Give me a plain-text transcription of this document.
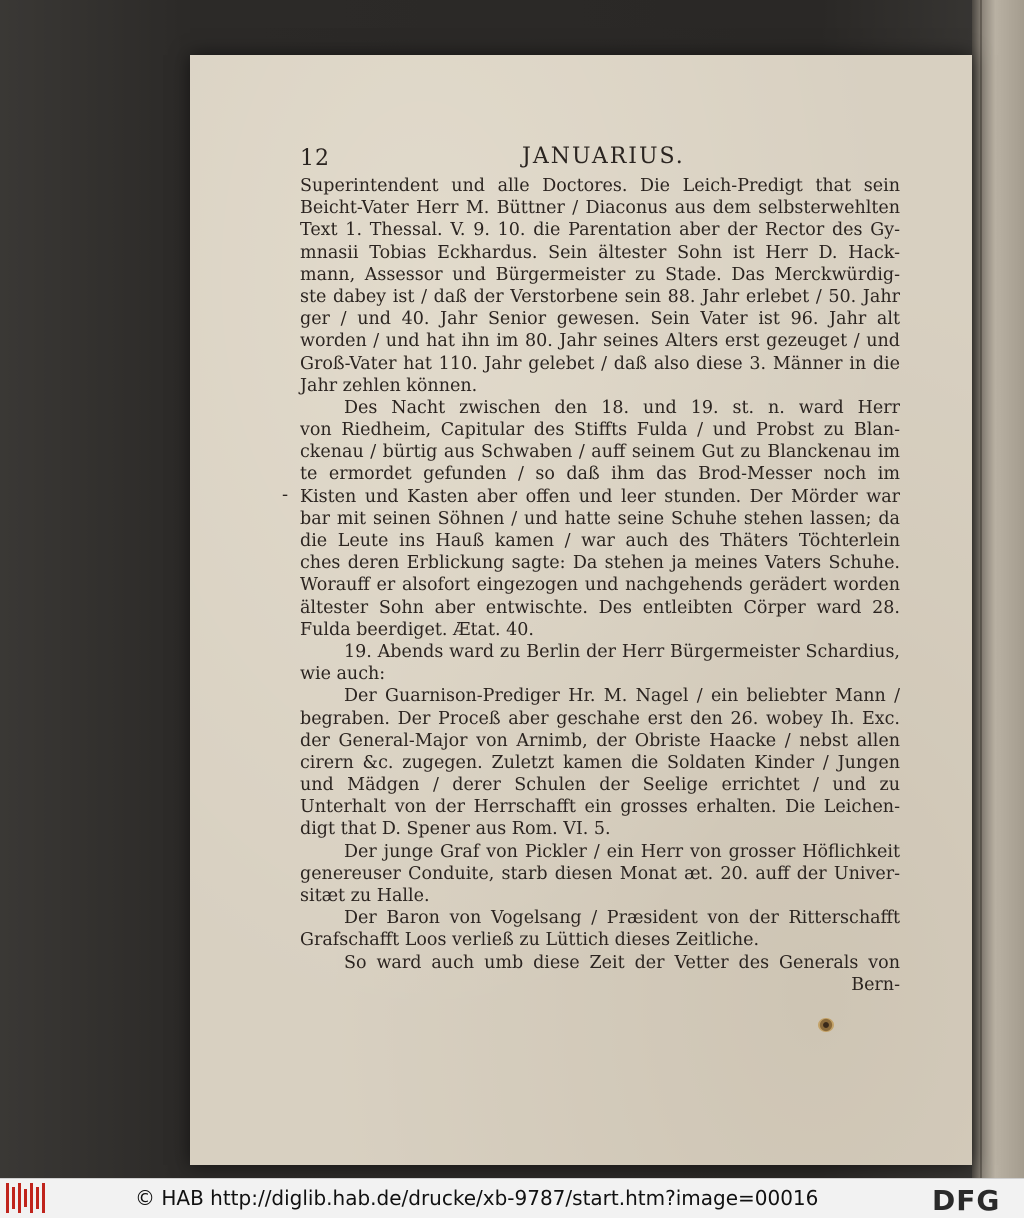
12	JANUARIUS.
-
Superintendent und alle Doctores. Die Leich-Predigt that sein
Beicht-Vater Herr M. Büttner / Diaconus aus dem selbsterwehlten
Text 1. Thessal. V. 9. 10. die Parentation aber der Rector des Gy-
mnasii Tobias Eckhardus. Sein ältester Sohn ist Herr D. Hack-
mann, Assessor und Bürgermeister zu Stade. Das Merckwürdig-
ste dabey ist / daß der Verstorbene sein 88. Jahr erlebet / 50. Jahr
ger / und 40. Jahr Senior gewesen. Sein Vater ist 96. Jahr alt
worden / und hat ihn im 80. Jahr seines Alters erst gezeuget / und
Groß-Vater hat 110. Jahr gelebet / daß also diese 3. Männer in die
Jahr zehlen können.
Des Nacht zwischen den 18. und 19. st. n. ward Herr
von Riedheim, Capitular des Stiffts Fulda / und Probst zu Blan-
ckenau / bürtig aus Schwaben / auff seinem Gut zu Blanckenau im
te ermordet gefunden / so daß ihm das Brod-Messer noch im
Kisten und Kasten aber offen und leer stunden. Der Mörder war
bar mit seinen Söhnen / und hatte seine Schuhe stehen lassen; da
die Leute ins Hauß kamen / war auch des Thäters Töchterlein
ches deren Erblickung sagte: Da stehen ja meines Vaters Schuhe.
Worauff er alsofort eingezogen und nachgehends gerädert worden
ältester Sohn aber entwischte. Des entleibten Cörper ward 28.
Fulda beerdiget. Ætat. 40.
19. Abends ward zu Berlin der Herr Bürgermeister Schardius,
wie auch:
Der Guarnison-Prediger Hr. M. Nagel / ein beliebter Mann /
begraben. Der Proceß aber geschahe erst den 26. wobey Ih. Exc.
der General-Major von Arnimb, der Obriste Haacke / nebst allen
cirern &c. zugegen. Zuletzt kamen die Soldaten Kinder / Jungen
und Mädgen / derer Schulen der Seelige errichtet / und zu
Unterhalt von der Herrschafft ein grosses erhalten. Die Leichen-
digt that D. Spener aus Rom. VI. 5.
Der junge Graf von Pickler / ein Herr von grosser Höflichkeit
genereuser Conduite, starb diesen Monat æt. 20. auff der Univer-
sitæt zu Halle.
Der Baron von Vogelsang / Præsident von der Ritterschafft
Grafschafft Loos verließ zu Lüttich dieses Zeitliche.
So ward auch umb diese Zeit der Vetter des Generals von
Bern-
© HAB http://diglib.hab.de/drucke/xb-9787/start.htm?image=00016	DFG
